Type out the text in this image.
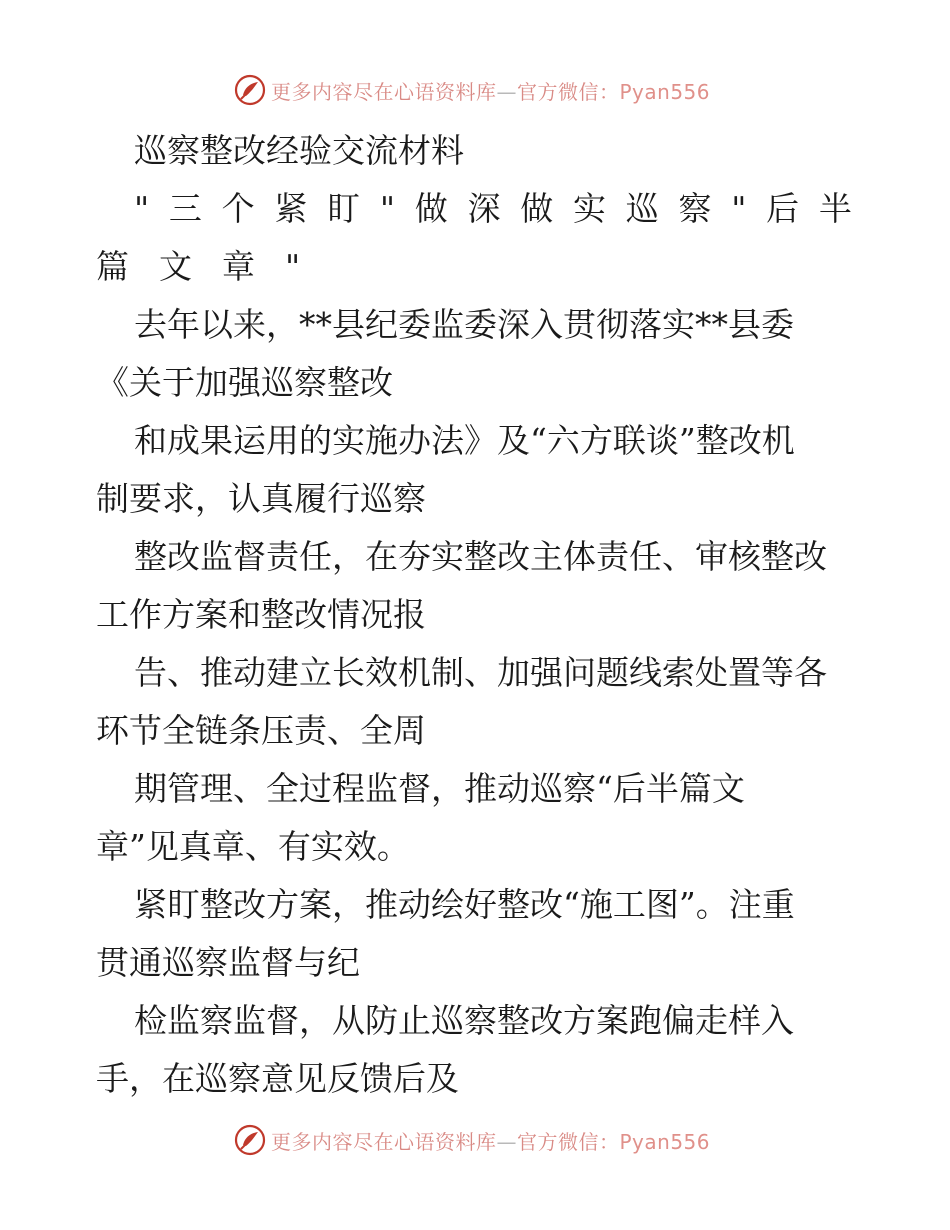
更多内容尽在心语资料库—官方微信：Pyan556
巡察整改经验交流材料
" 三 个 紧 盯 " 做 深 做 实 巡 察 " 后 半
篇 文 章 "
去年以来，**县纪委监委深入贯彻落实**县委
《关于加强巡察整改
和成果运用的实施办法》及“六方联谈”整改机
制要求，认真履行巡察
整改监督责任，在夯实整改主体责任、审核整改
工作方案和整改情况报
告、推动建立长效机制、加强问题线索处置等各
环节全链条压责、全周
期管理、全过程监督，推动巡察“后半篇文
章”见真章、有实效。
紧盯整改方案，推动绘好整改“施工图”。注重
贯通巡察监督与纪
检监察监督，从防止巡察整改方案跑偏走样入
手，在巡察意见反馈后及
更多内容尽在心语资料库—官方微信：Pyan556
